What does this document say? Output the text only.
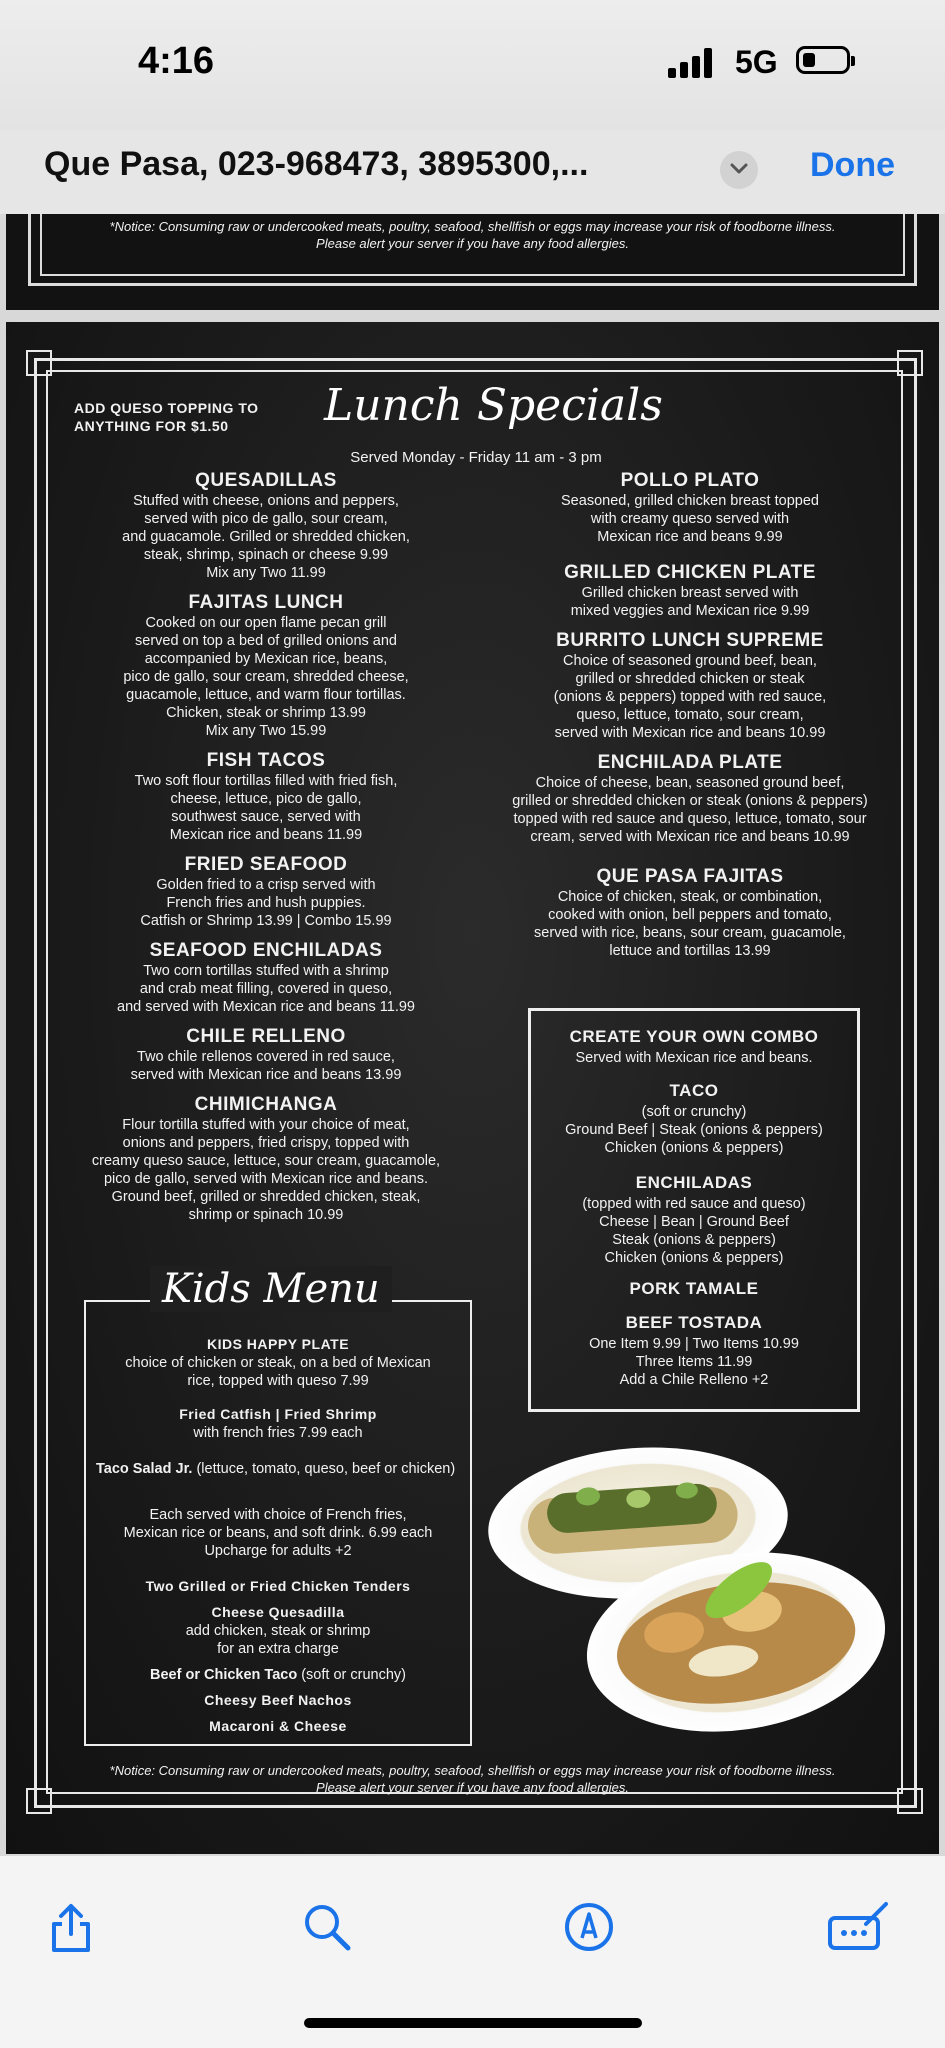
4:16	5G
Que Pasa, 023-968473, 3895300,...	Done
*Notice: Consuming raw or undercooked meats, poultry, seafood, shellfish or eggs may increase your risk of foodborne illness.
Please alert your server if you have any food allergies.
ADD QUESO TOPPING TO
ANYTHING FOR $1.50 Lunch Specials
Served Monday - Friday 11 am - 3 pm
QUESADILLAS
Stuffed with cheese, onions and peppers,
served with pico de gallo, sour cream,
and guacamole. Grilled or shredded chicken,
steak, shrimp, spinach or cheese 9.99
Mix any Two 11.99
FAJITAS LUNCH
Cooked on our open flame pecan grill
served on top a bed of grilled onions and
accompanied by Mexican rice, beans,
pico de gallo, sour cream, shredded cheese,
guacamole, lettuce, and warm flour tortillas.
Chicken, steak or shrimp 13.99
Mix any Two 15.99
FISH TACOS
Two soft flour tortillas filled with fried fish,
cheese, lettuce, pico de gallo,
southwest sauce, served with
Mexican rice and beans 11.99
FRIED SEAFOOD
Golden fried to a crisp served with
French fries and hush puppies.
Catfish or Shrimp 13.99 | Combo 15.99
SEAFOOD ENCHILADAS
Two corn tortillas stuffed with a shrimp
and crab meat filling, covered in queso,
and served with Mexican rice and beans 11.99
CHILE RELLENO
Two chile rellenos covered in red sauce,
served with Mexican rice and beans 13.99
CHIMICHANGA
Flour tortilla stuffed with your choice of meat,
onions and peppers, fried crispy, topped with
creamy queso sauce, lettuce, sour cream, guacamole,
pico de gallo, served with Mexican rice and beans.
Ground beef, grilled or shredded chicken, steak,
shrimp or spinach 10.99
POLLO PLATO
Seasoned, grilled chicken breast topped
with creamy queso served with
Mexican rice and beans 9.99
GRILLED CHICKEN PLATE
Grilled chicken breast served with
mixed veggies and Mexican rice 9.99
BURRITO LUNCH SUPREME
Choice of seasoned ground beef, bean,
grilled or shredded chicken or steak
(onions & peppers) topped with red sauce,
queso, lettuce, tomato, sour cream,
served with Mexican rice and beans 10.99
ENCHILADA PLATE
Choice of cheese, bean, seasoned ground beef,
grilled or shredded chicken or steak (onions & peppers)
topped with red sauce and queso, lettuce, tomato, sour
cream, served with Mexican rice and beans 10.99
QUE PASA FAJITAS
Choice of chicken, steak, or combination,
cooked with onion, bell peppers and tomato,
served with rice, beans, sour cream, guacamole,
lettuce and tortillas 13.99
CREATE YOUR OWN COMBO
Served with Mexican rice and beans.
TACO
(soft or crunchy)
Ground Beef | Steak (onions & peppers)
Chicken (onions & peppers)
ENCHILADAS
(topped with red sauce and queso)
Cheese | Bean | Ground Beef
Steak (onions & peppers)
Chicken (onions & peppers)
PORK TAMALE
BEEF TOSTADA
One Item 9.99 | Two Items 10.99
Three Items 11.99
Add a Chile Relleno +2
Kids Menu
KIDS HAPPY PLATE
choice of chicken or steak, on a bed of Mexican
rice, topped with queso 7.99
Fried Catfish | Fried Shrimp
with french fries 7.99 each
Taco Salad Jr. (lettuce, tomato, queso, beef or chicken)
Each served with choice of French fries,
Mexican rice or beans, and soft drink. 6.99 each
Upcharge for adults +2
Two Grilled or Fried Chicken Tenders
Cheese Quesadilla
add chicken, steak or shrimp
for an extra charge
Beef or Chicken Taco (soft or crunchy)
Cheesy Beef Nachos
Macaroni & Cheese
*Notice: Consuming raw or undercooked meats, poultry, seafood, shellfish or eggs may increase your risk of foodborne illness.
Please alert your server if you have any food allergies.
